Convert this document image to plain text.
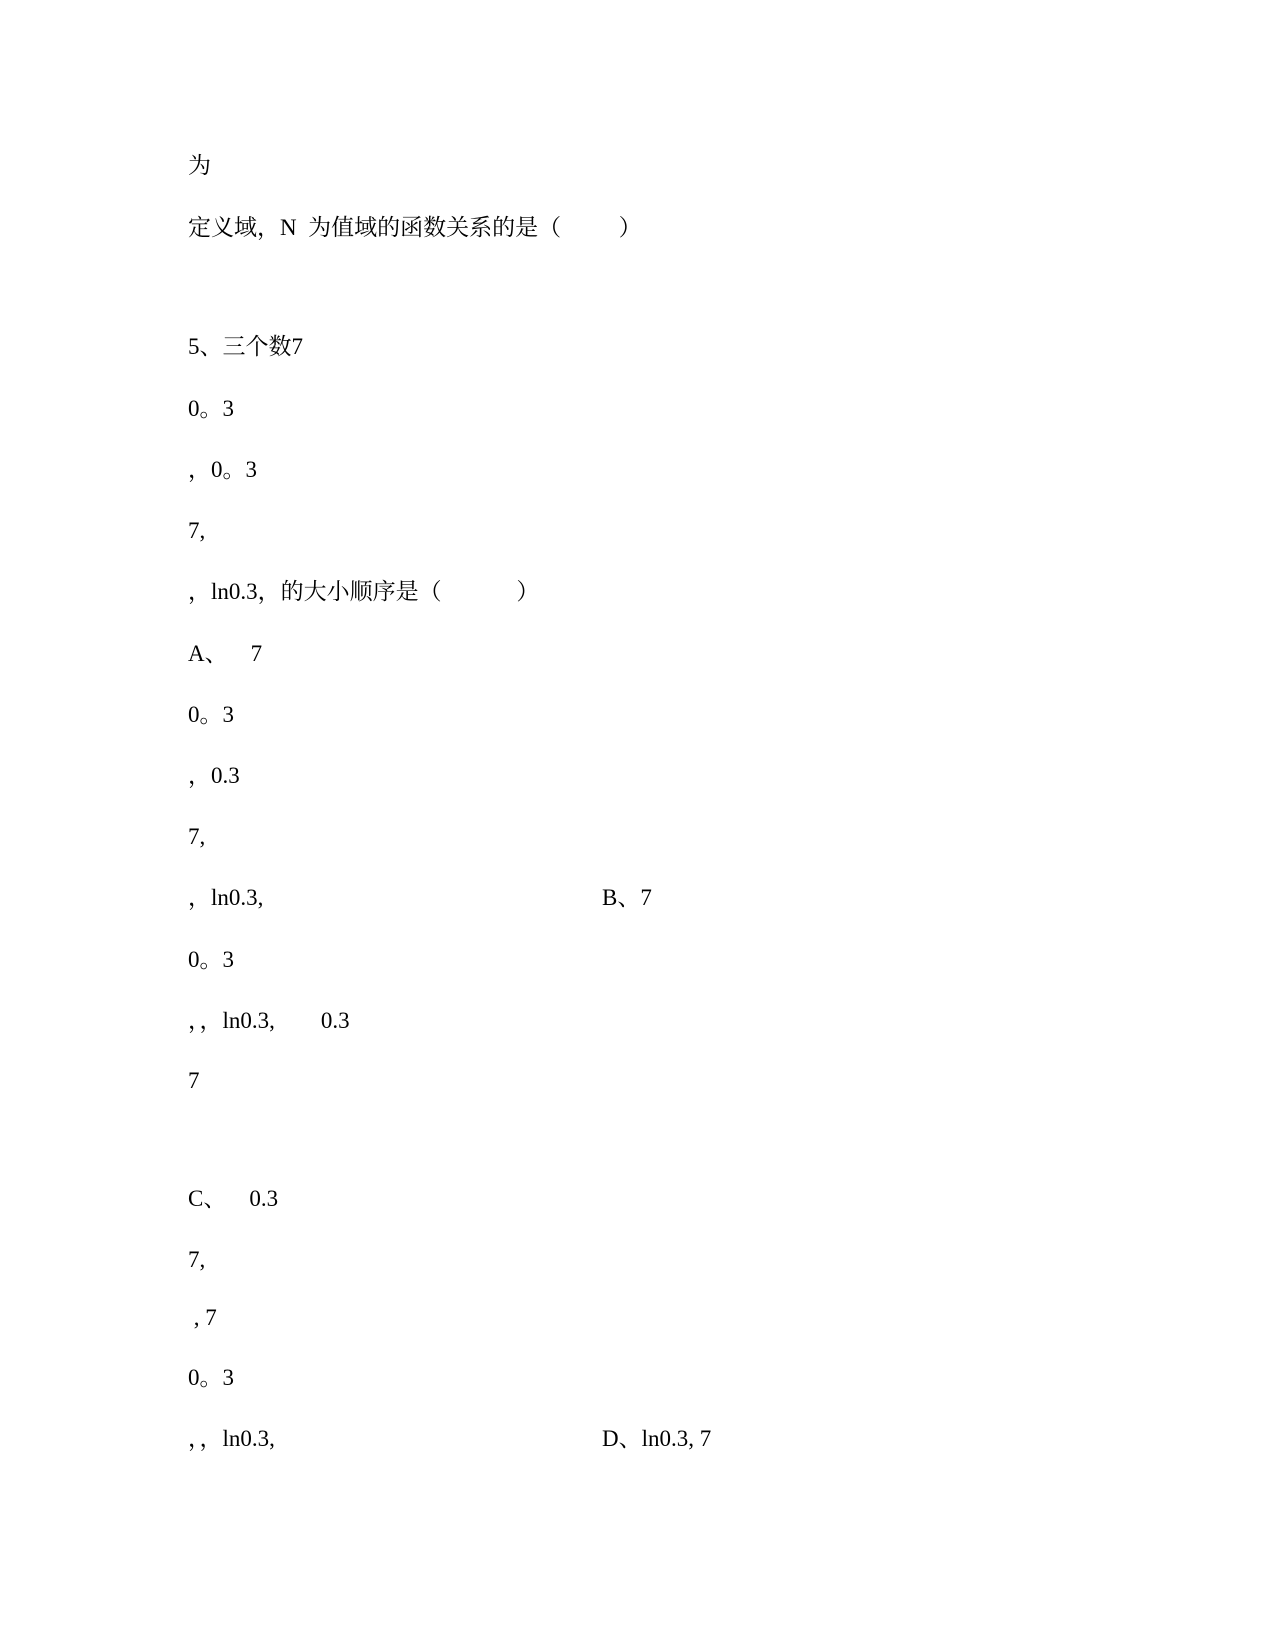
为
定义域，N  为值域的函数关系的是（          ）
5、三个数7
0。3
，0。3
7,
，ln0.3，的大小顺序是（             ）
A、    7
0。3
，0.3
7,
，ln0.3,	B、7
0。3
，，ln0.3,        0.3
7
C、    0.3
7,
, 7
0。3
，，ln0.3,	D、ln0.3, 7
